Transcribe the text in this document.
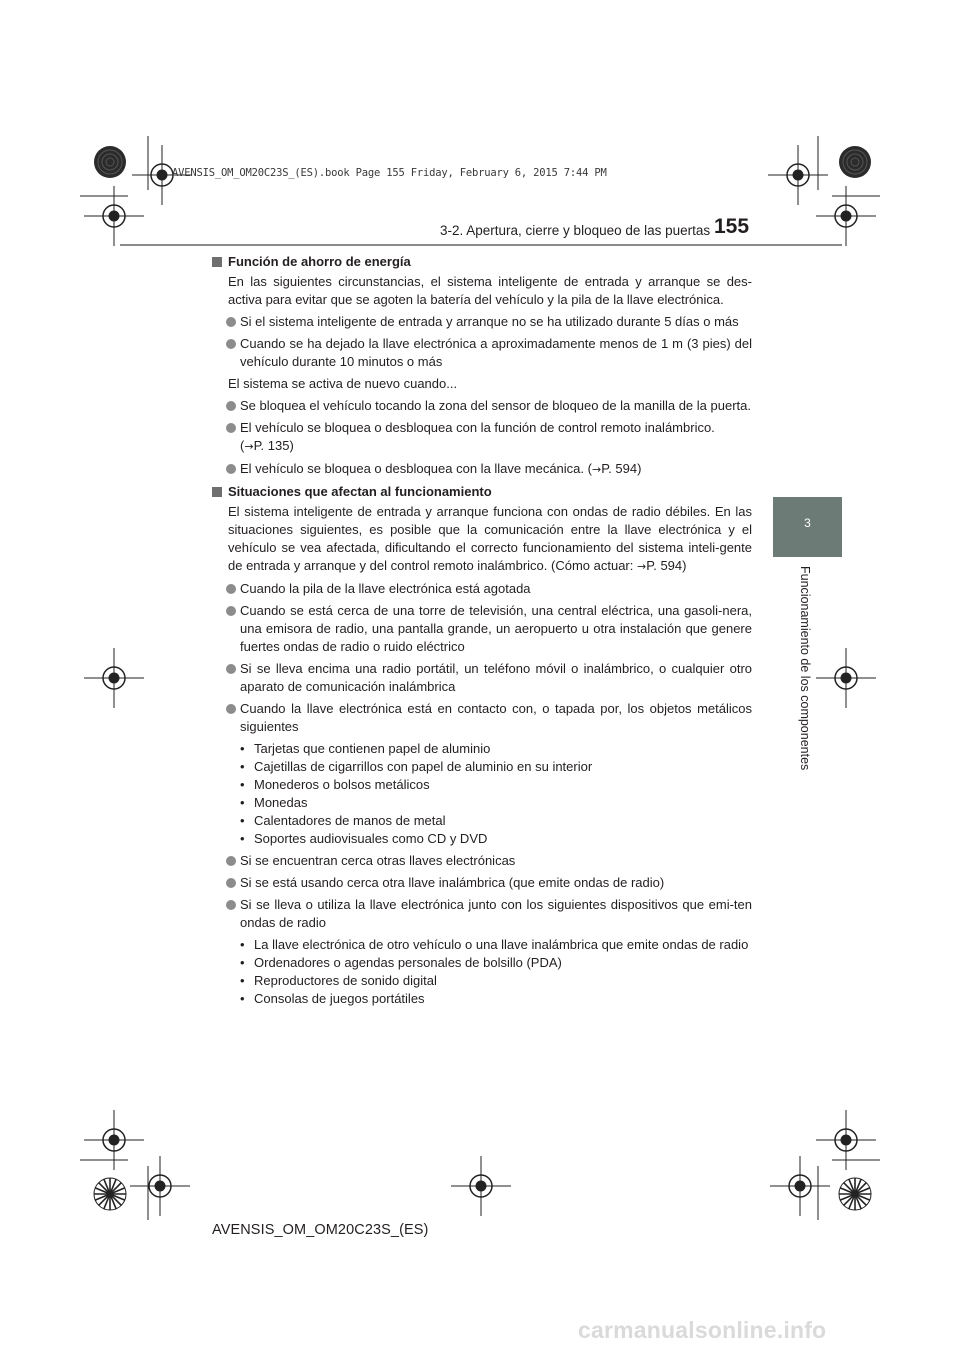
AVENSIS_OM_OM20C23S_(ES).book Page 155 Friday, February 6, 2015 7:44 PM
3-2. Apertura, cierre y bloqueo de las puertas 155
3
Funcionamiento de los componentes
Función de ahorro de energía
En las siguientes circunstancias, el sistema inteligente de entrada y arranque se des-activa para evitar que se agoten la batería del vehículo y la pila de la llave electrónica.
Si el sistema inteligente de entrada y arranque no se ha utilizado durante 5 días o más
Cuando se ha dejado la llave electrónica a aproximadamente menos de 1 m (3 pies) del vehículo durante 10 minutos o más
El sistema se activa de nuevo cuando...
Se bloquea el vehículo tocando la zona del sensor de bloqueo de la manilla de la puerta.
El vehículo se bloquea o desbloquea con la función de control remoto inalámbrico.
(→P. 135)
El vehículo se bloquea o desbloquea con la llave mecánica. (→P. 594)
Situaciones que afectan al funcionamiento
El sistema inteligente de entrada y arranque funciona con ondas de radio débiles. En las situaciones siguientes, es posible que la comunicación entre la llave electrónica y el vehículo se vea afectada, dificultando el correcto funcionamiento del sistema inteli-gente de entrada y arranque y del control remoto inalámbrico. (Cómo actuar: →P. 594)
Cuando la pila de la llave electrónica está agotada
Cuando se está cerca de una torre de televisión, una central eléctrica, una gasoli-nera, una emisora de radio, una pantalla grande, un aeropuerto u otra instalación que genere fuertes ondas de radio o ruido eléctrico
Si se lleva encima una radio portátil, un teléfono móvil o inalámbrico, o cualquier otro aparato de comunicación inalámbrica
Cuando la llave electrónica está en contacto con, o tapada por, los objetos metálicos siguientes
• Tarjetas que contienen papel de aluminio
• Cajetillas de cigarrillos con papel de aluminio en su interior
• Monederos o bolsos metálicos
• Monedas
• Calentadores de manos de metal
• Soportes audiovisuales como CD y DVD
Si se encuentran cerca otras llaves electrónicas
Si se está usando cerca otra llave inalámbrica (que emite ondas de radio)
Si se lleva o utiliza la llave electrónica junto con los siguientes dispositivos que emi-ten ondas de radio
• La llave electrónica de otro vehículo o una llave inalámbrica que emite ondas de radio
• Ordenadores o agendas personales de bolsillo (PDA)
• Reproductores de sonido digital
• Consolas de juegos portátiles
AVENSIS_OM_OM20C23S_(ES)
carmanualsonline.info
